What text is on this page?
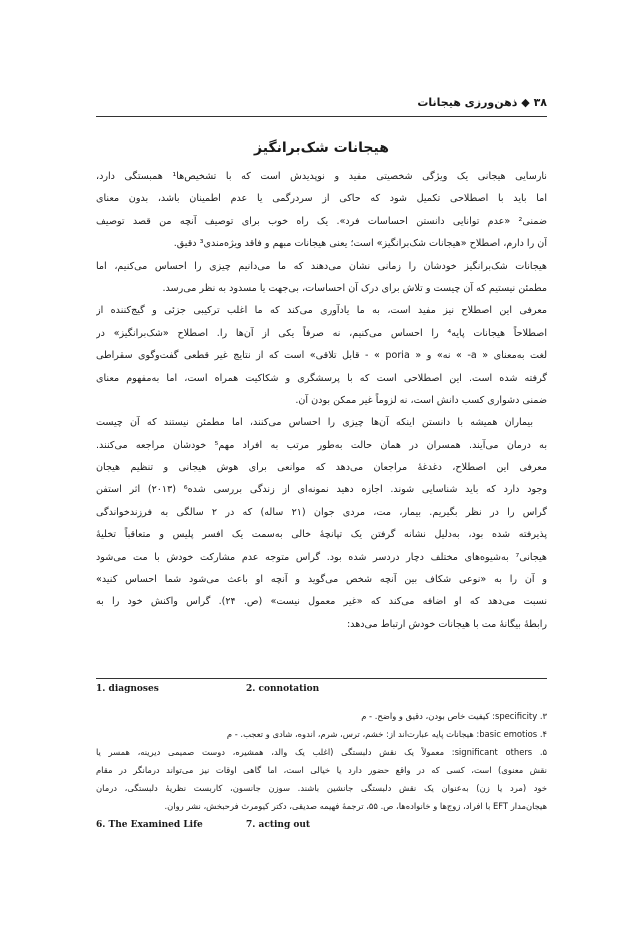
۳۸ ◆ ذهن‌ورزی هیجانات
هیجانات شک‌برانگیز
نارسایی هیجانی یک ویژگی شخصیتی مفید و نوپدیدش است که با تشخیص‌ها¹ همبستگی دارد،
اما باید با اصطلاحی تکمیل شود که حاکی از سردرگمی یا عدم اطمینان باشد، بدون معنای
ضمنی² «عدم توانایی دانستن احساسات فرد». یک راه خوب برای توصیف آنچه من قصد توصیف
آن را دارم، اصطلاح «هیجانات شک‌برانگیز» است؛ یعنی هیجانات مبهم و فاقد ویژه‌مندی³ دقیق.
هیجانات شک‌برانگیز خودشان را زمانی نشان می‌دهند که ما می‌دانیم چیزی را احساس می‌کنیم، اما
مطمئن نیستیم که آن چیست و تلاش برای درک آن احساسات، بی‌جهت یا مسدود به نظر می‌رسد.
معرفی این اصطلاح نیز مفید است، به ما یادآوری می‌کند که ما اغلب ترکیبی جزئی و گیج‌کننده از
اصطلاحاً هیجانات پایه⁴ را احساس می‌کنیم، نه صرفاً یکی از آن‌ها را. اصطلاح «شک‌برانگیز» در
لغت به‌معنای « a‑ » نه» و « poria » ‑ قابل تلاقی» است که از نتایج غیر قطعی گفت‌وگوی سقراطی
گرفته شده است. این اصطلاحی است که با پرسشگری و شکاکیت همراه است، اما به‌مفهوم معنای
ضمنی دشواری کسب دانش است، نه لزوماً غیر ممکن بودن آن.
بیماران همیشه با دانستن اینکه آن‌ها چیزی را احساس می‌کنند، اما مطمئن نیستند که آن چیست
به درمان می‌آیند. همسران در همان حالت به‌طور مرتب به افراد مهم⁵ خودشان مراجعه می‌کنند.
معرفی این اصطلاح، دغدغهٔ مراجعان می‌دهد که موانعی برای هوش هیجانی و تنظیم هیجان
وجود دارد که باید شناسایی شوند. اجازه دهید نمونه‌ای از زندگی بررسی شده⁶ (۲۰۱۳) اثر استفن
گراس را در نظر بگیریم. بیمار، مت، مردی جوان (۲۱ ساله) که در ۲ سالگی به فرزندخواندگی
پذیرفته شده بود، به‌دلیل نشانه گرفتن یک تپانچهٔ خالی به‌سمت یک افسر پلیس و متعاقباً تخلیهٔ
هیجانی⁷ به‌شیوه‌های مختلف دچار دردسر شده بود. گراس متوجه عدم مشارکت خودش با مت می‌شود
و آن را به «نوعی شکاف بین آنچه شخص می‌گوید و آنچه او باعث می‌شود شما احساس کنید»
نسبت می‌دهد که او اضافه می‌کند که «غیر معمول نیست» (ص. ۲۴). گراس واکنش خود را به
رابطهٔ بیگانهٔ مت با هیجانات خودش ارتباط می‌دهد:
1. diagnoses	2. connotation
۳. specificity: کیفیت خاص بودن، دقیق و واضح. ‑ م
۴. basic emotios: هیجانات پایه عبارت‌اند از: خشم، ترس، شرم، اندوه، شادی و تعجب. ‑ م
۵. significant others: معمولاً یک نقش دلبستگی (اغلب یک والد، همشیره، دوست صمیمی دیرینه، همسر یا
نقش معنوی) است، کسی که در واقع حضور دارد یا خیالی است، اما گاهی اوقات نیز می‌تواند درمانگر در مقام
خود (مرد یا زن) به‌عنوان یک نقش دلبستگی جانشین باشند. سوزن جانسون، کاربست نظریهٔ دلبستگی، درمان
هیجان‌مدار EFT با افراد، زوج‌ها و خانواده‌ها، ص. ۵۵، ترجمهٔ فهیمه صدیقی، دکتر کیومرث فرحبخش، نشر روان.
6. The Examined Life	7. acting out
